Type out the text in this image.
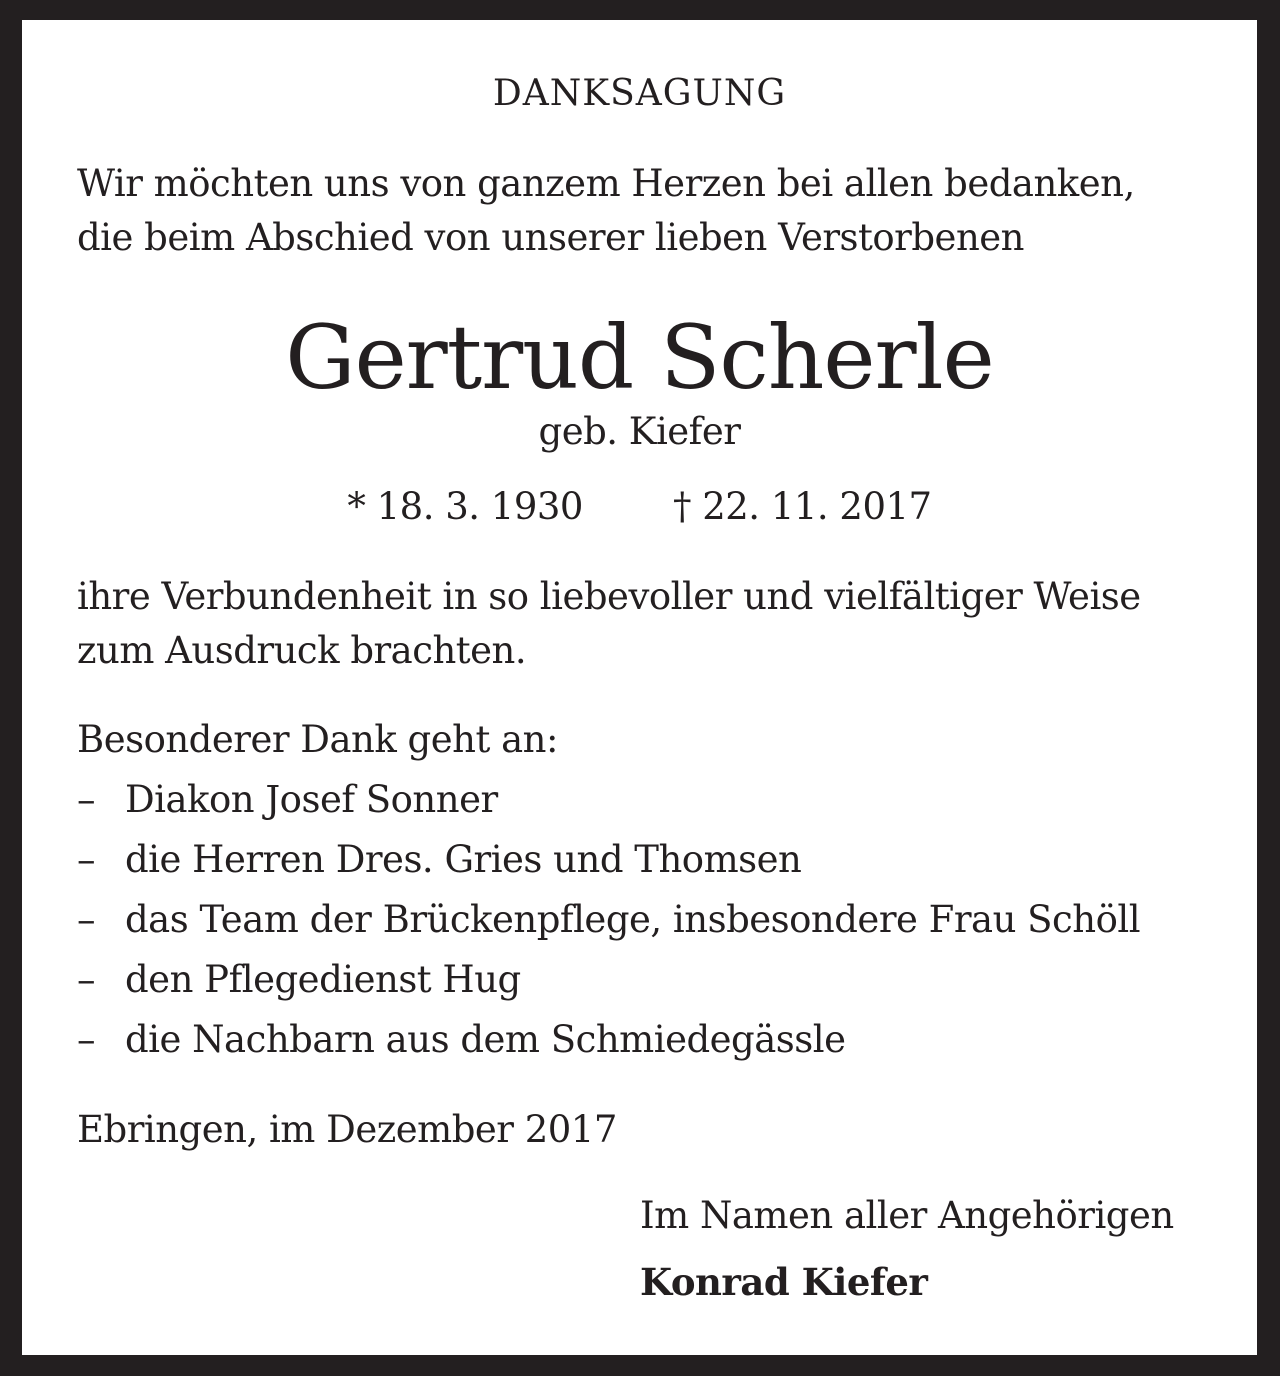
DANKSAGUNG
Wir möchten uns von ganzem Herzen bei allen bedanken,
die beim Abschied von unserer lieben Verstorbenen
Gertrud Scherle
geb. Kiefer
* 18. 3. 1930 † 22. 11. 2017
ihre Verbundenheit in so liebevoller und vielfältiger Weise
zum Ausdruck brachten.
Besonderer Dank geht an:
– Diakon Josef Sonner
– die Herren Dres. Gries und Thomsen
– das Team der Brückenpflege, insbesondere Frau Schöll
– den Pflegedienst Hug
– die Nachbarn aus dem Schmiedegässle
Ebringen, im Dezember 2017
Im Namen aller Angehörigen
Konrad Kiefer
